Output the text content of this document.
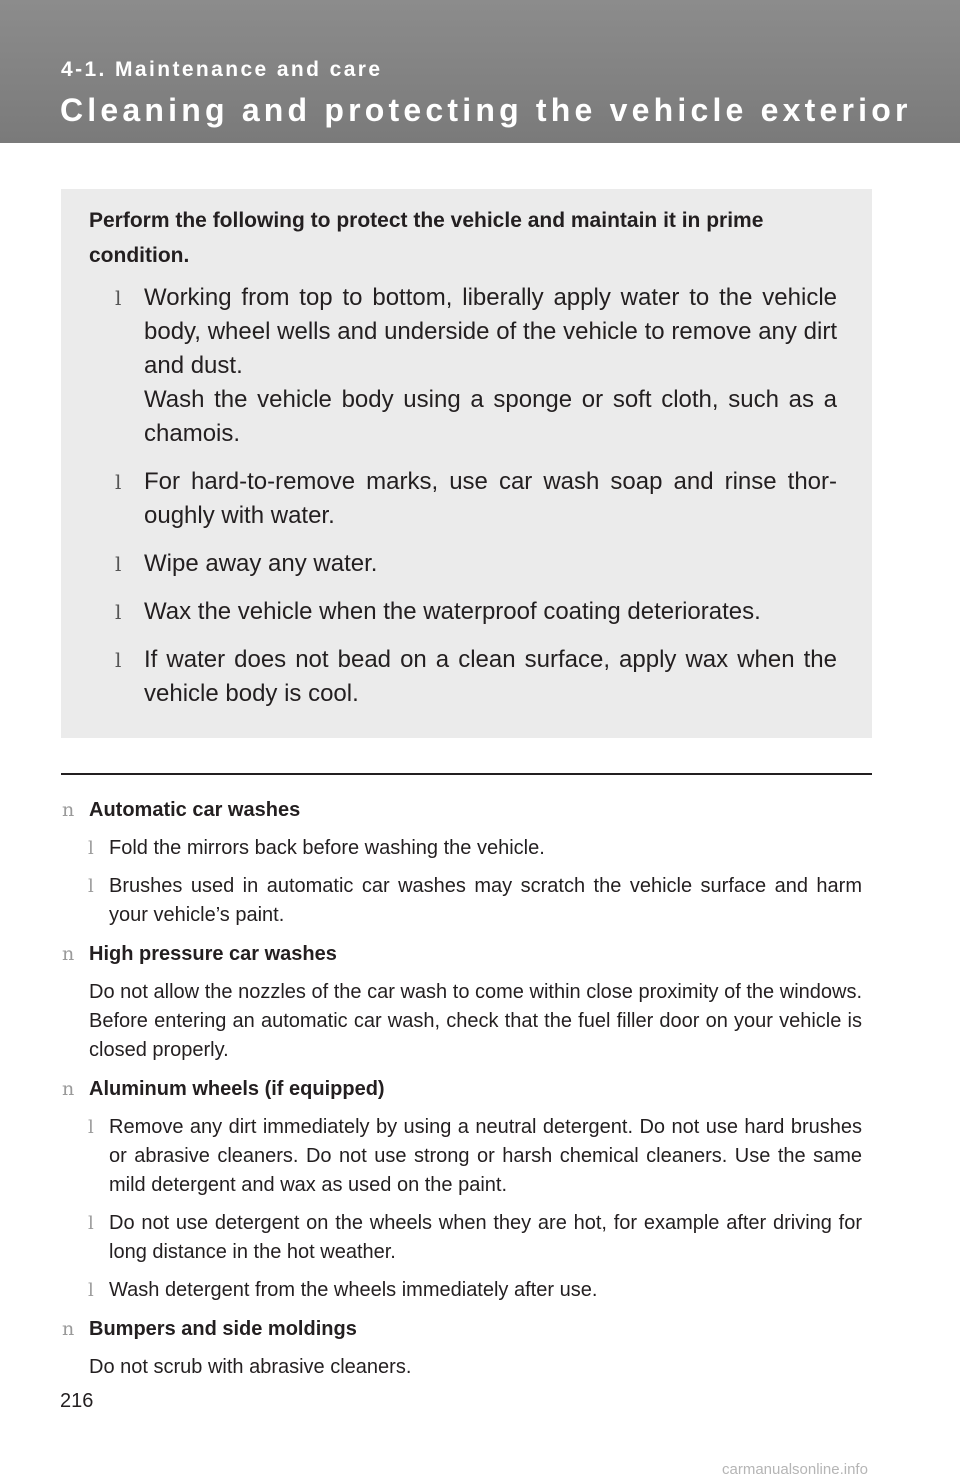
4-1. Maintenance and care
Cleaning and protecting the vehicle exterior

Perform the following to protect the vehicle and maintain it in prime condition.

l Working from top to bottom, liberally apply water to the vehicle body, wheel wells and underside of the vehicle to remove any dirt and dust.
Wash the vehicle body using a sponge or soft cloth, such as a chamois.
l For hard-to-remove marks, use car wash soap and rinse thor-oughly with water.
l Wipe away any water.
l Wax the vehicle when the waterproof coating deteriorates.
l If water does not bead on a clean surface, apply wax when the vehicle body is cool.
n Automatic car washes
l Fold the mirrors back before washing the vehicle.
l Brushes used in automatic car washes may scratch the vehicle surface and harm your vehicle’s paint.
n High pressure car washes

Do not allow the nozzles of the car wash to come within close proximity of the windows. Before entering an automatic car wash, check that the fuel filler door on your vehicle is closed properly.

n Aluminum wheels (if equipped)
l Remove any dirt immediately by using a neutral detergent. Do not use hard brushes or abrasive cleaners. Do not use strong or harsh chemical cleaners. Use the same mild detergent and wax as used on the paint.
l Do not use detergent on the wheels when they are hot, for example after driving for long distance in the hot weather.
l Wash detergent from the wheels immediately after use.
n Bumpers and side moldings

Do not scrub with abrasive cleaners.

216
carmanualsonline.info
